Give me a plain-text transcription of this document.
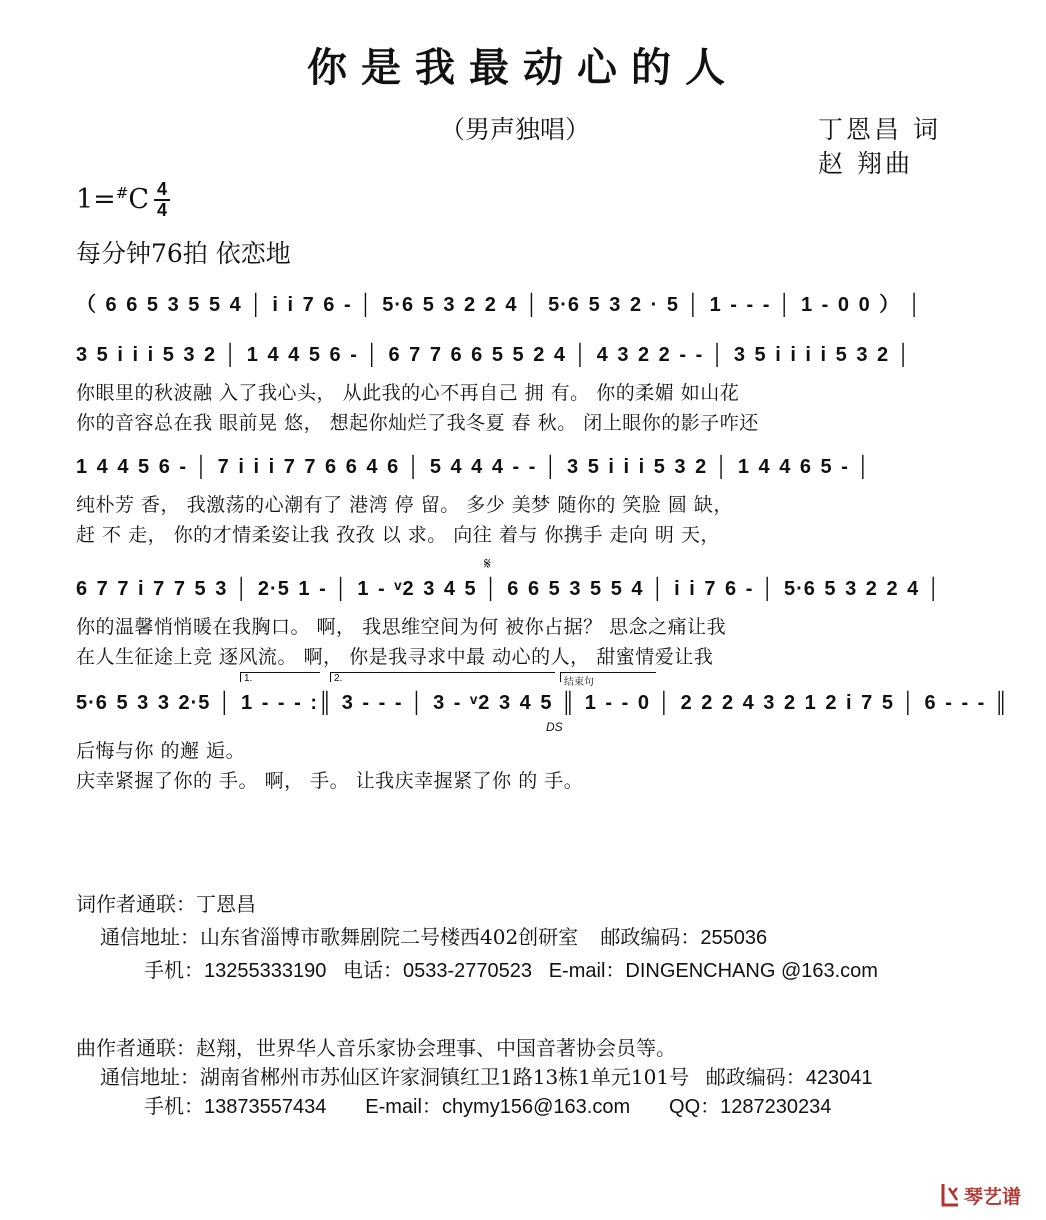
你是我最动心的人
（男声独唱）	丁恩昌 词
赵 翔曲
1=#C 4
4
每分钟76拍 依恋地
（ 6 6 5 3 5 5 4 │ i i 7 6 - │ 5·6 5 3 2 2 4 │ 5·6 5 3 2 · 5 │ 1 - - - │ 1 - 0 0 ） │
3 5 i i i 5 3 2 │ 1 4 4 5 6 - │ 6 7 7 6 6 5 5 2 4 │ 4 3 2 2 - - │ 3 5 i i i i 5 3 2 │
你眼里的秋波融 入了我心头， 从此我的心不再自己 拥 有。 你的柔媚 如山花
你的音容总在我 眼前晃 悠， 想起你灿烂了我冬夏 春 秋。 闭上眼你的影子咋还
1 4 4 5 6 - │ 7 i i i 7 7 6 6 4 6 │ 5 4 4 4 - - │ 3 5 i i i 5 3 2 │ 1 4 4 6 5 - │
纯朴芳 香， 我激荡的心潮有了 港湾 停 留。 多少 美梦 随你的 笑脸 圆 缺，
赶 不 走， 你的才情柔姿让我 孜孜 以 求。 向往 着与 你携手 走向 明 天，
𝄋
6 7 7 i 7 7 5 3 │ 2·5 1 - │ 1 - ᵛ2 3 4 5 │ 6 6 5 3 5 5 4 │ i i 7 6 - │ 5·6 5 3 2 2 4 │
你的温馨悄悄暖在我胸口。 啊， 我思维空间为何 被你占据？ 思念之痛让我
在人生征途上竞 逐风流。 啊， 你是我寻求中最 动心的人， 甜蜜情爱让我
1.	2.	结束句
5·6 5 3 3 2·5 │ 1 - - - :║ 3 - - - │ 3 - ᵛ2 3 4 5 ║ 1 - - 0 │ 2 2 2 4 3 2 1 2 i 7 5 │ 6 - - - ║
DS
后悔与你 的邂 逅。
庆幸紧握了你的 手。 啊， 手。 让我庆幸握紧了你 的 手。
词作者通联：丁恩昌
通信地址：山东省淄博市歌舞剧院二号楼西402创研室 邮政编码：255036
手机：13255333190 电话：0533-2770523 E-mail：DINGENCHANG @163.com
曲作者通联：赵翔，世界华人音乐家协会理事、中国音著协会员等。
通信地址：湖南省郴州市苏仙区许家洞镇红卫1路13栋1单元101号 邮政编码：423041
手机：13873557434 E-mail：chymy156@163.com QQ：1287230234
琴艺谱
